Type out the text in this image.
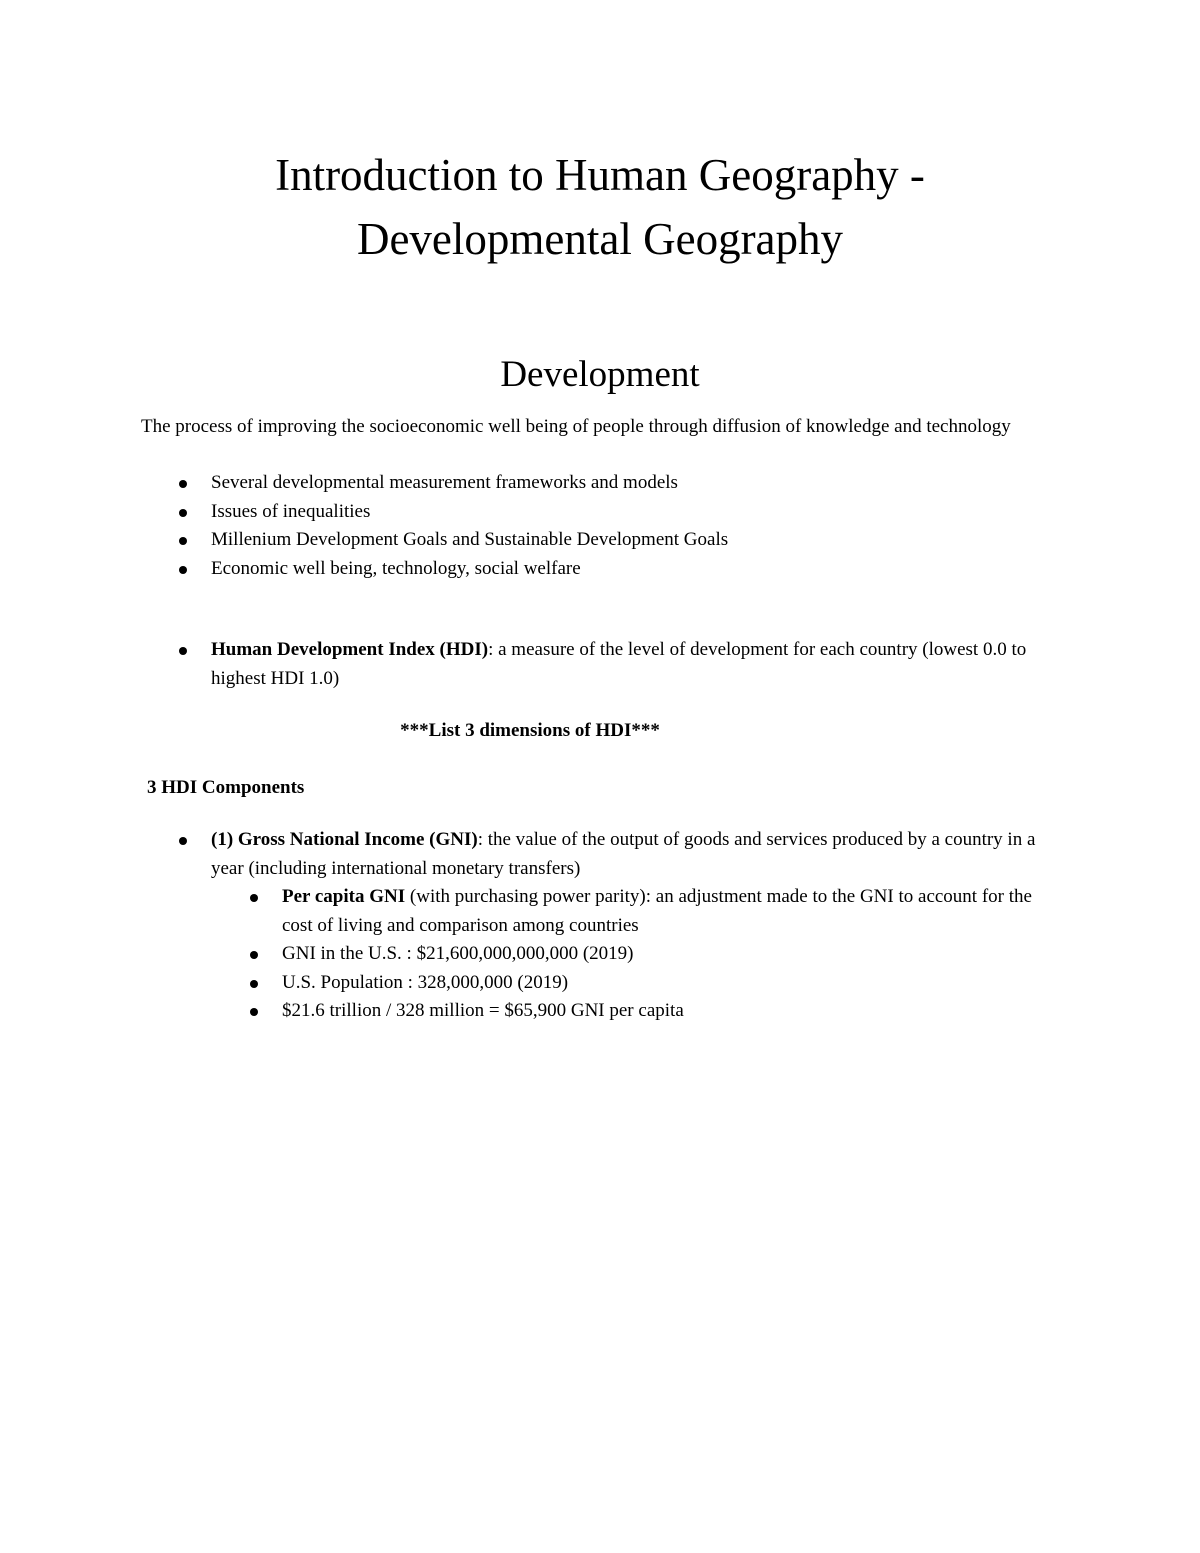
Introduction to Human Geography -
Developmental Geography
Development
The process of improving the socioeconomic well being of people through diffusion of knowledge and technology
Several developmental measurement frameworks and models
Issues of inequalities
Millenium Development Goals and Sustainable Development Goals
Economic well being, technology, social welfare
Human Development Index (HDI): a measure of the level of development for each country (lowest 0.0 to highest HDI 1.0)
***List 3 dimensions of HDI***
3 HDI Components
(1) Gross National Income (GNI): the value of the output of goods and services produced by a country in a year (including international monetary transfers)
Per capita GNI (with purchasing power parity): an adjustment made to the GNI to account for the cost of living and comparison among countries
GNI in the U.S. : $21,600,000,000,000 (2019)
U.S. Population : 328,000,000 (2019)
$21.6 trillion / 328 million = $65,900 GNI per capita
